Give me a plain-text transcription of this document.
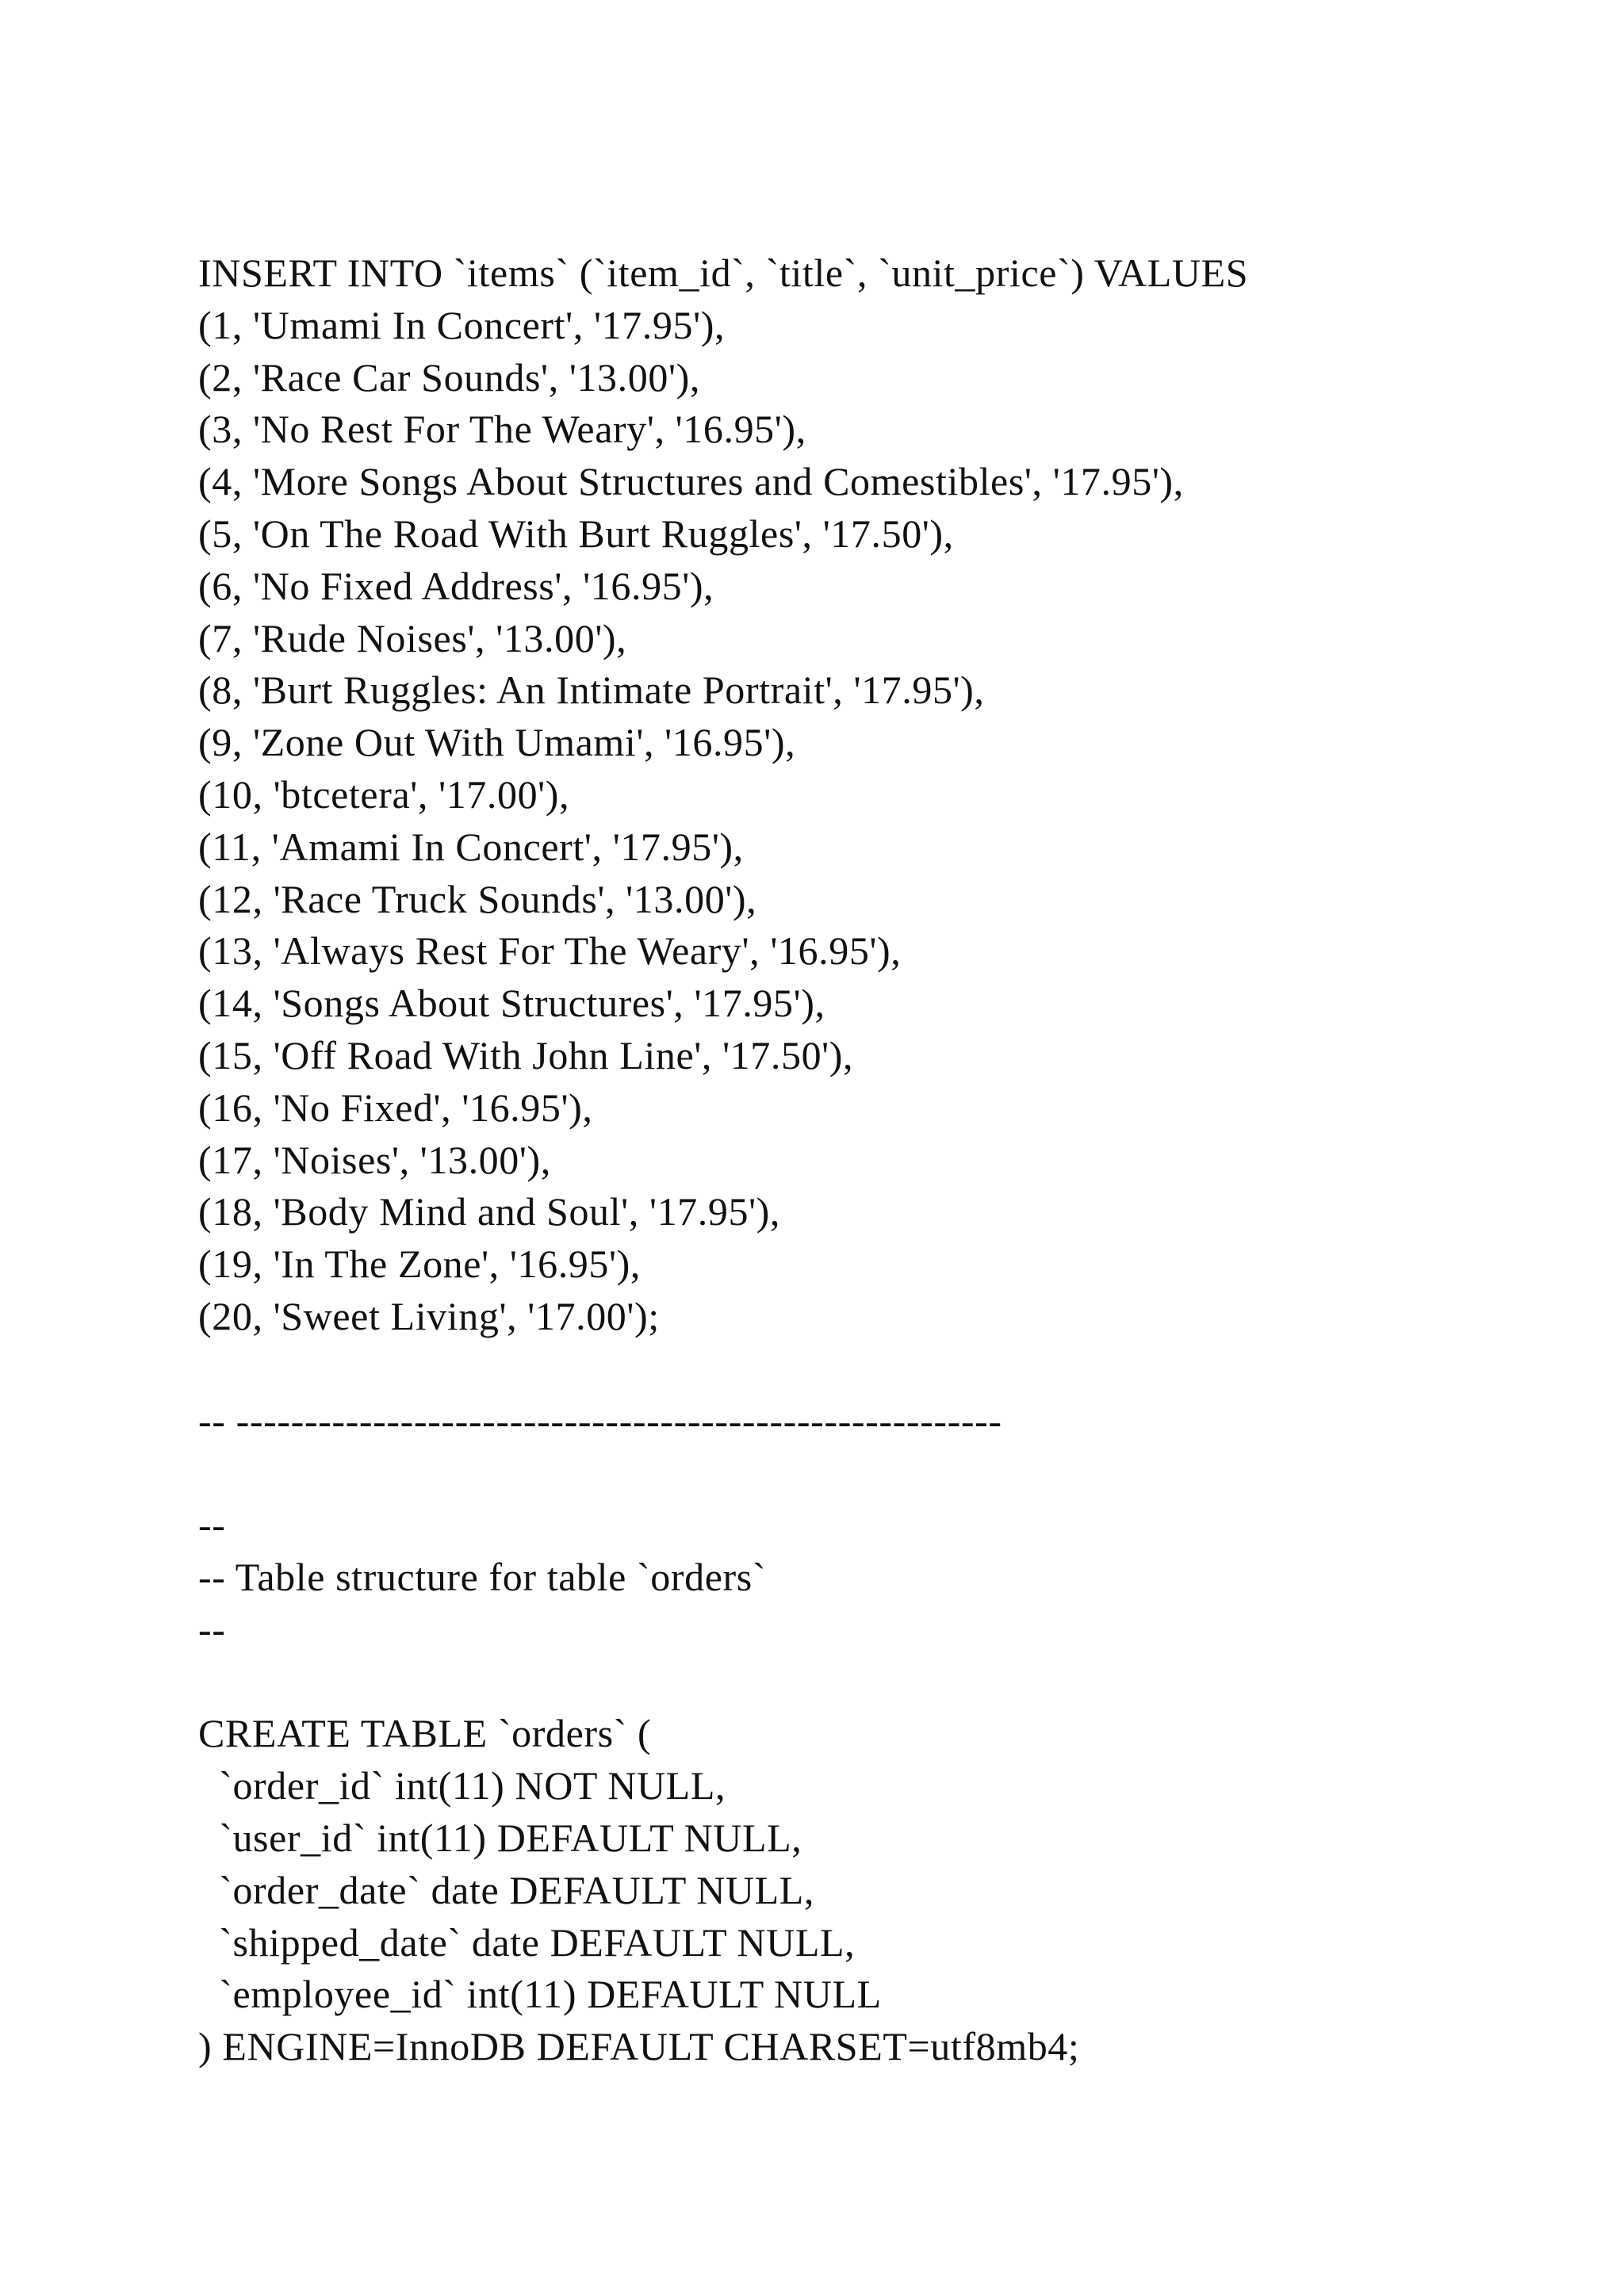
INSERT INTO `items` (`item_id`, `title`, `unit_price`) VALUES
(1, 'Umami In Concert', '17.95'),
(2, 'Race Car Sounds', '13.00'),
(3, 'No Rest For The Weary', '16.95'),
(4, 'More Songs About Structures and Comestibles', '17.95'),
(5, 'On The Road With Burt Ruggles', '17.50'),
(6, 'No Fixed Address', '16.95'),
(7, 'Rude Noises', '13.00'),
(8, 'Burt Ruggles: An Intimate Portrait', '17.95'),
(9, 'Zone Out With Umami', '16.95'),
(10, 'btcetera', '17.00'),
(11, 'Amami In Concert', '17.95'),
(12, 'Race Truck Sounds', '13.00'),
(13, 'Always Rest For The Weary', '16.95'),
(14, 'Songs About Structures', '17.95'),
(15, 'Off Road With John Line', '17.50'),
(16, 'No Fixed', '16.95'),
(17, 'Noises', '13.00'),
(18, 'Body Mind and Soul', '17.95'),
(19, 'In The Zone', '16.95'),
(20, 'Sweet Living', '17.00');
-- --------------------------------------------------------
--
-- Table structure for table `orders`
--
CREATE TABLE `orders` (
`order_id` int(11) NOT NULL,
`user_id` int(11) DEFAULT NULL,
`order_date` date DEFAULT NULL,
`shipped_date` date DEFAULT NULL,
`employee_id` int(11) DEFAULT NULL
) ENGINE=InnoDB DEFAULT CHARSET=utf8mb4;
